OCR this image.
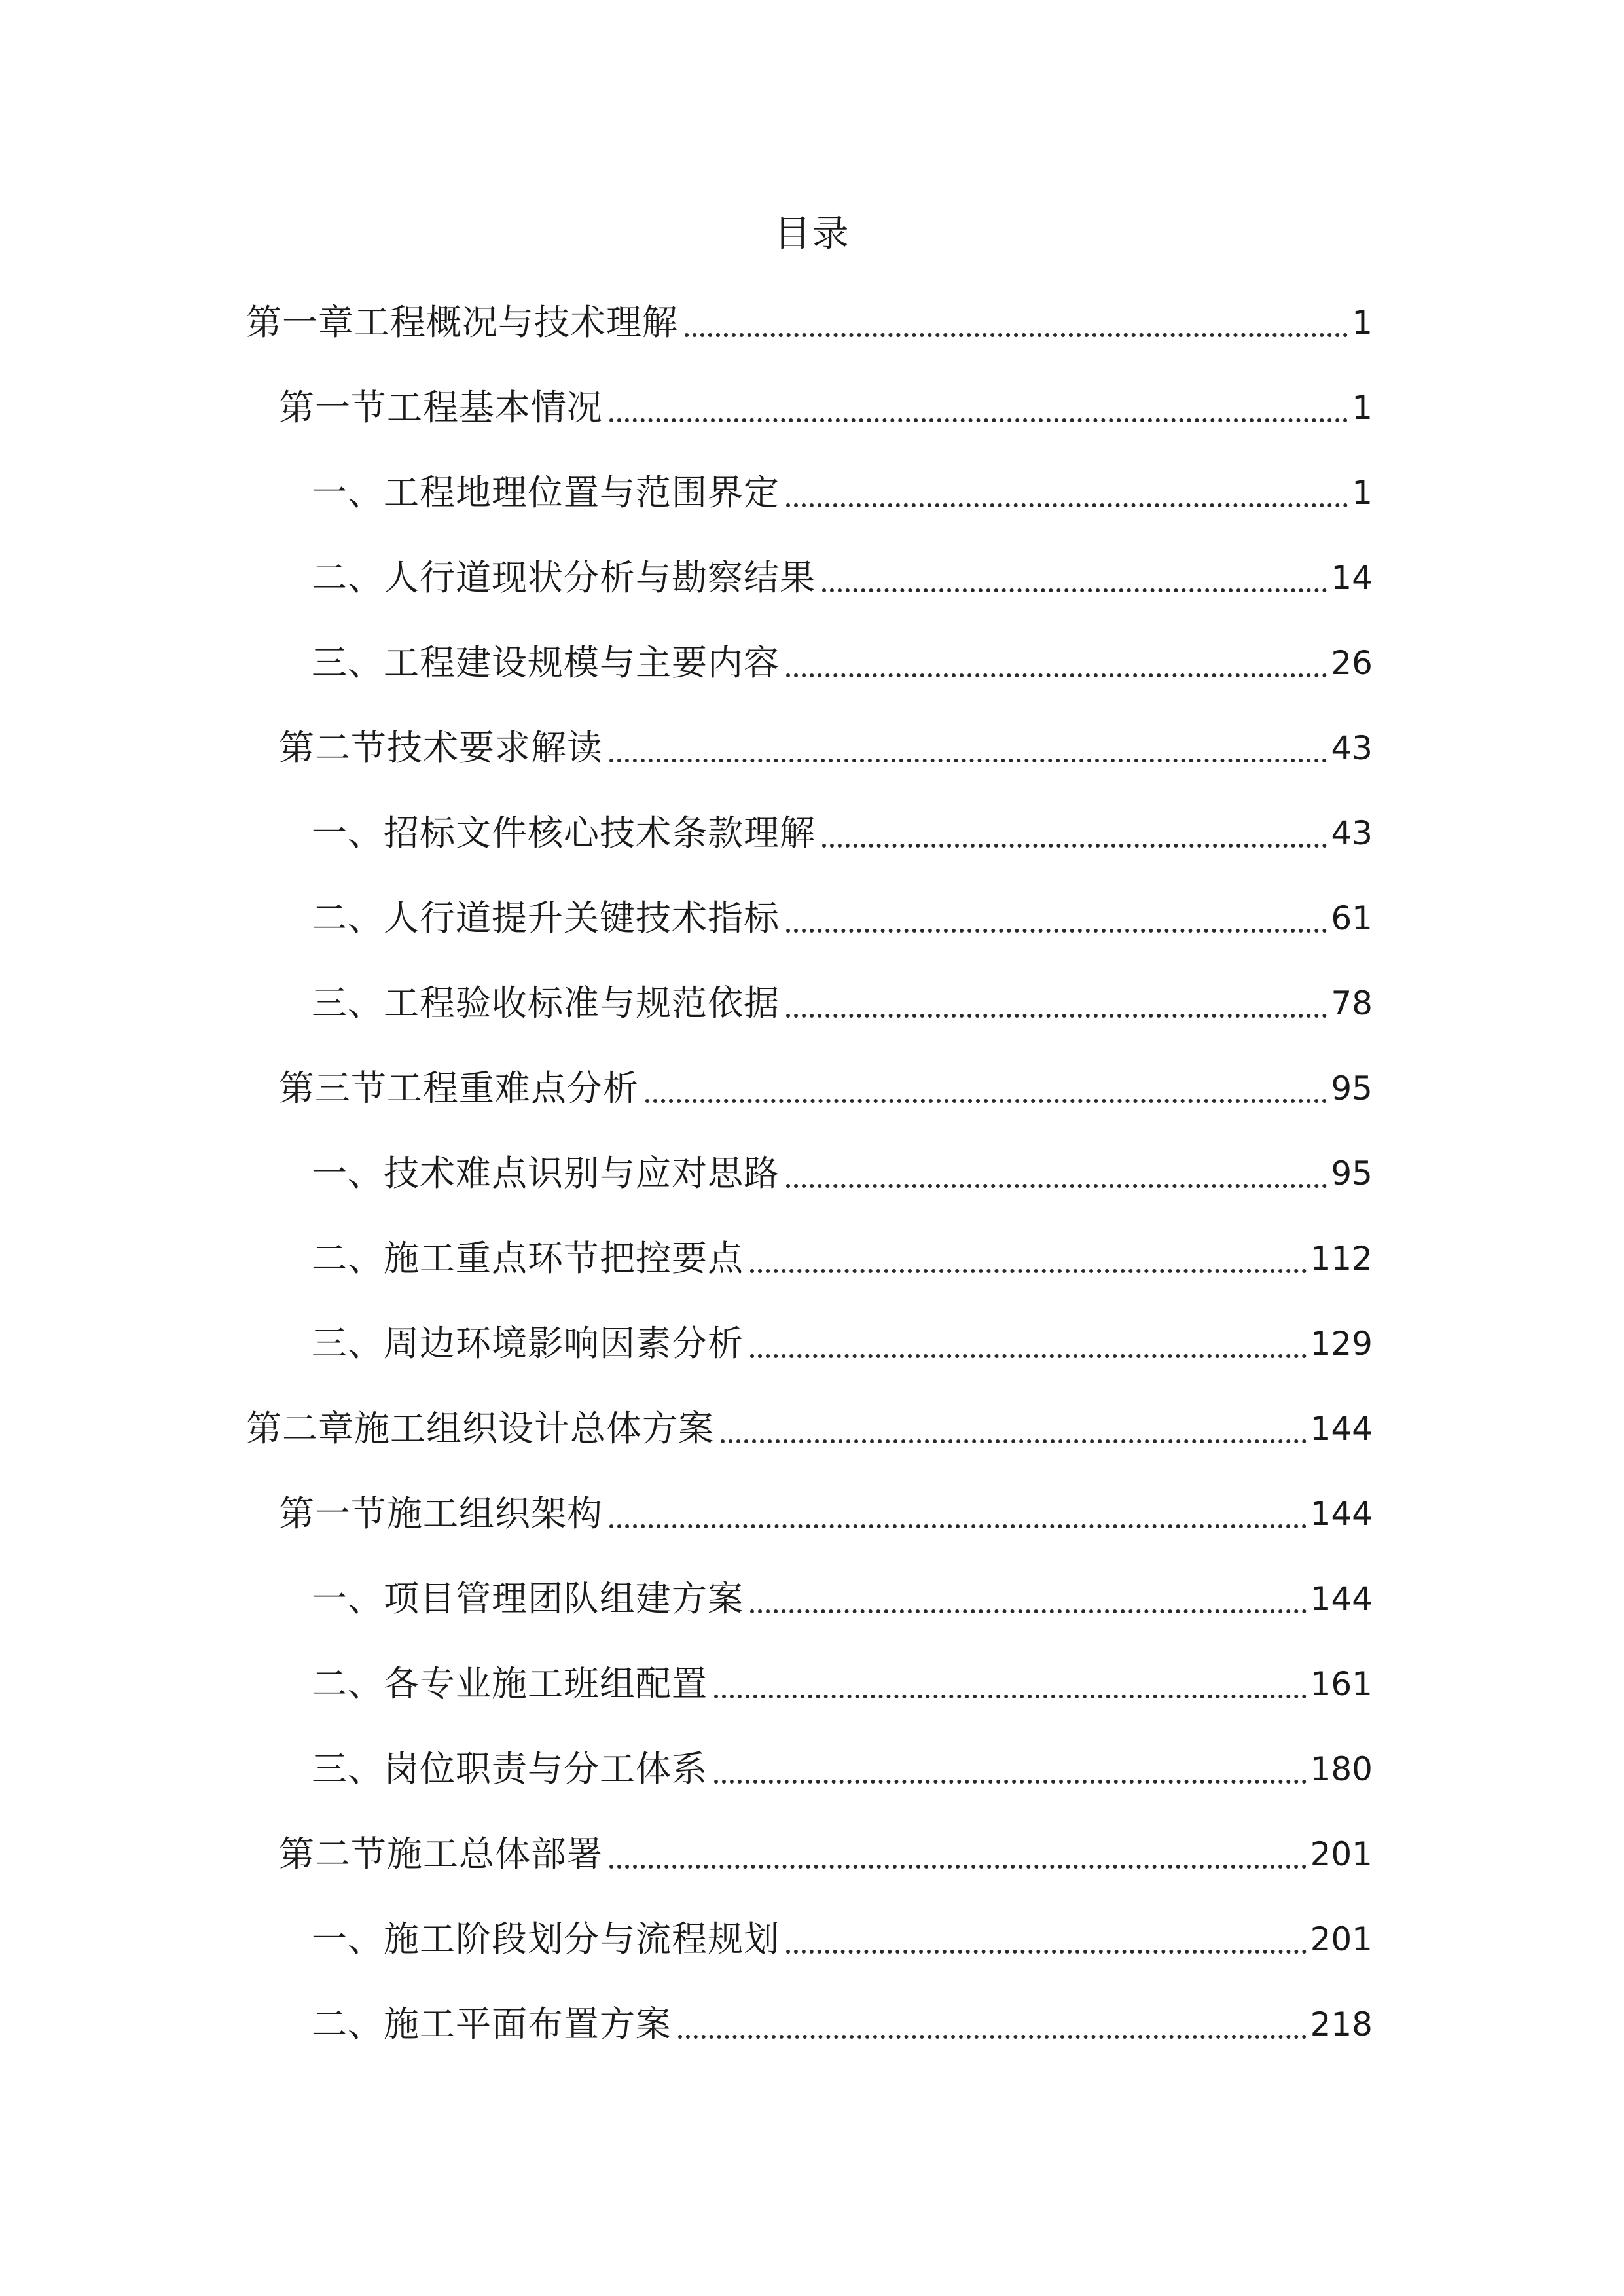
目录
第一章工程概况与技术理解	1
第一节工程基本情况	1
一、工程地理位置与范围界定	1
二、人行道现状分析与勘察结果	14
三、工程建设规模与主要内容	26
第二节技术要求解读	43
一、招标文件核心技术条款理解	43
二、人行道提升关键技术指标	61
三、工程验收标准与规范依据	78
第三节工程重难点分析	95
一、技术难点识别与应对思路	95
二、施工重点环节把控要点	112
三、周边环境影响因素分析	129
第二章施工组织设计总体方案	144
第一节施工组织架构	144
一、项目管理团队组建方案	144
二、各专业施工班组配置	161
三、岗位职责与分工体系	180
第二节施工总体部署	201
一、施工阶段划分与流程规划	201
二、施工平面布置方案	218
